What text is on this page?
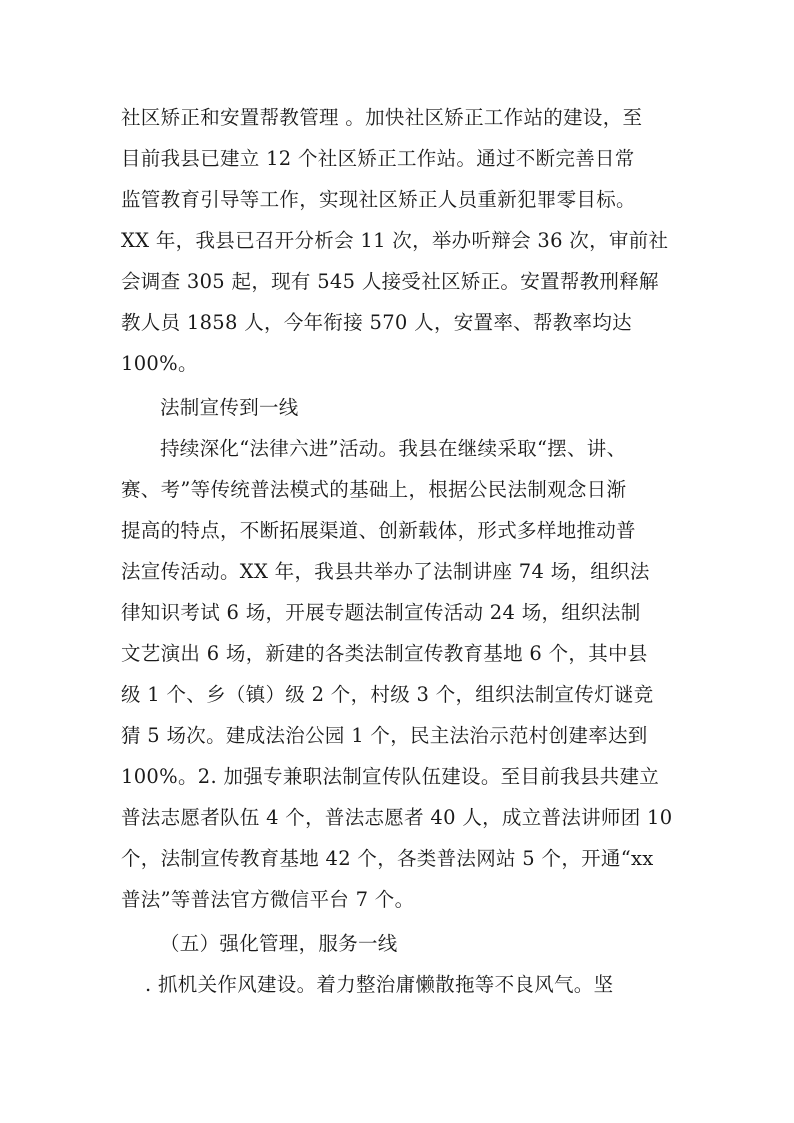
社区矫正和安置帮教管理 。加快社区矫正工作站的建设，至
目前我县已建立 12 个社区矫正工作站。通过不断完善日常
监管教育引导等工作，实现社区矫正人员重新犯罪零目标。
XX 年，我县已召开分析会 11 次，举办听辩会 36 次，审前社
会调查 305 起，现有 545 人接受社区矫正。安置帮教刑释解
教人员 1858 人，今年衔接 570 人，安置率、帮教率均达
100%。
法制宣传到一线
持续深化“法律六进”活动。我县在继续采取“摆、讲、
赛、考”等传统普法模式的基础上，根据公民法制观念日渐
提高的特点，不断拓展渠道、创新载体，形式多样地推动普
法宣传活动。XX 年，我县共举办了法制讲座 74 场，组织法
律知识考试 6 场，开展专题法制宣传活动 24 场，组织法制
文艺演出 6 场，新建的各类法制宣传教育基地 6 个，其中县
级 1 个、乡（镇）级 2 个，村级 3 个，组织法制宣传灯谜竞
猜 5 场次。建成法治公园 1 个，民主法治示范村创建率达到
100%。2. 加强专兼职法制宣传队伍建设。至目前我县共建立
普法志愿者队伍 4 个，普法志愿者 40 人，成立普法讲师团 10
个，法制宣传教育基地 42 个，各类普法网站 5 个，开通“xx
普法”等普法官方微信平台 7 个。
（五）强化管理，服务一线
. 抓机关作风建设。着力整治庸懒散拖等不良风气。坚
